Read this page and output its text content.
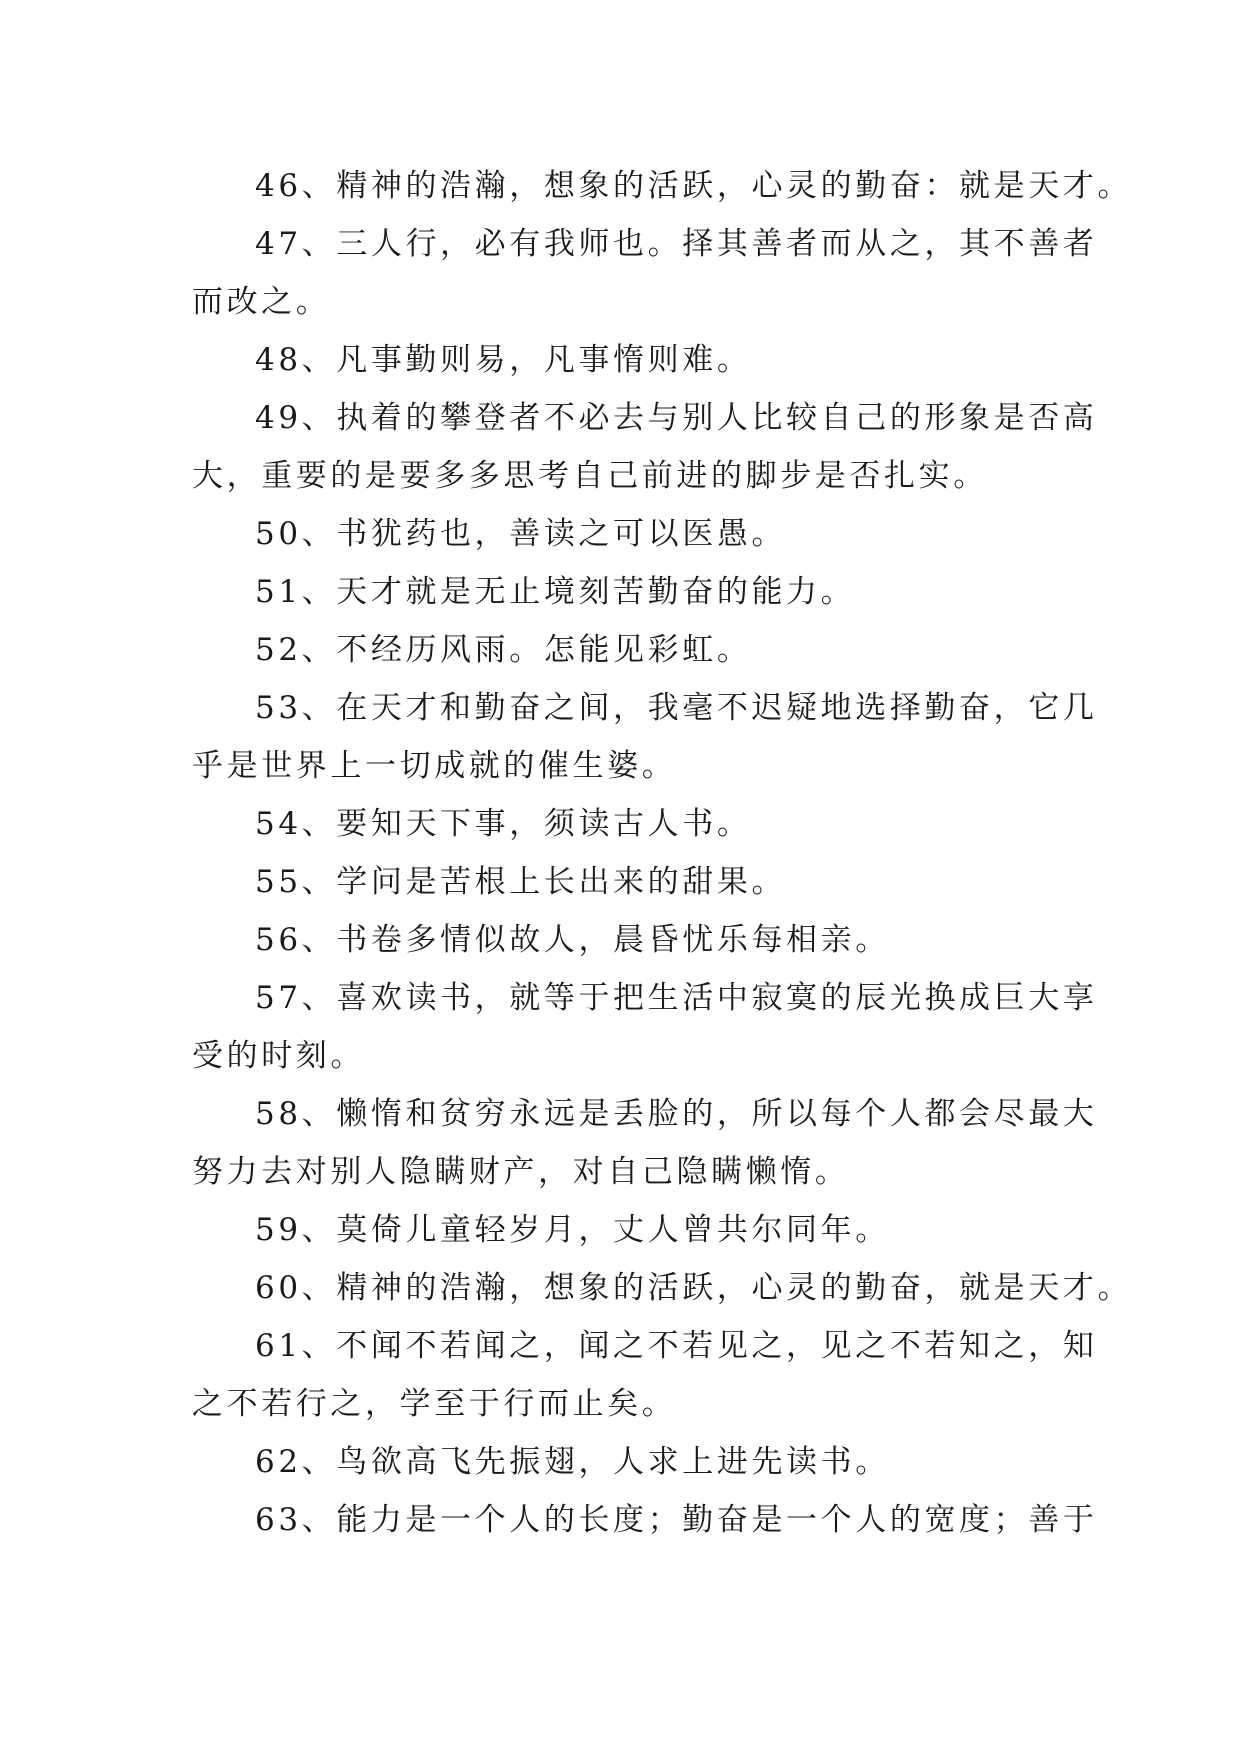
46、精神的浩瀚，想象的活跃，心灵的勤奋：就是天才。
47、三人行，必有我师也。择其善者而从之，其不善者
而改之。
48、凡事勤则易，凡事惰则难。
49、执着的攀登者不必去与别人比较自己的形象是否高
大，重要的是要多多思考自己前进的脚步是否扎实。
50、书犹药也，善读之可以医愚。
51、天才就是无止境刻苦勤奋的能力。
52、不经历风雨。怎能见彩虹。
53、在天才和勤奋之间，我毫不迟疑地选择勤奋，它几
乎是世界上一切成就的催生婆。
54、要知天下事，须读古人书。
55、学问是苦根上长出来的甜果。
56、书卷多情似故人，晨昏忧乐每相亲。
57、喜欢读书，就等于把生活中寂寞的辰光换成巨大享
受的时刻。
58、懒惰和贫穷永远是丢脸的，所以每个人都会尽最大
努力去对别人隐瞒财产，对自己隐瞒懒惰。
59、莫倚儿童轻岁月，丈人曾共尔同年。
60、精神的浩瀚，想象的活跃，心灵的勤奋，就是天才。
61、不闻不若闻之，闻之不若见之，见之不若知之，知
之不若行之，学至于行而止矣。
62、鸟欲高飞先振翅，人求上进先读书。
63、能力是一个人的长度；勤奋是一个人的宽度；善于
